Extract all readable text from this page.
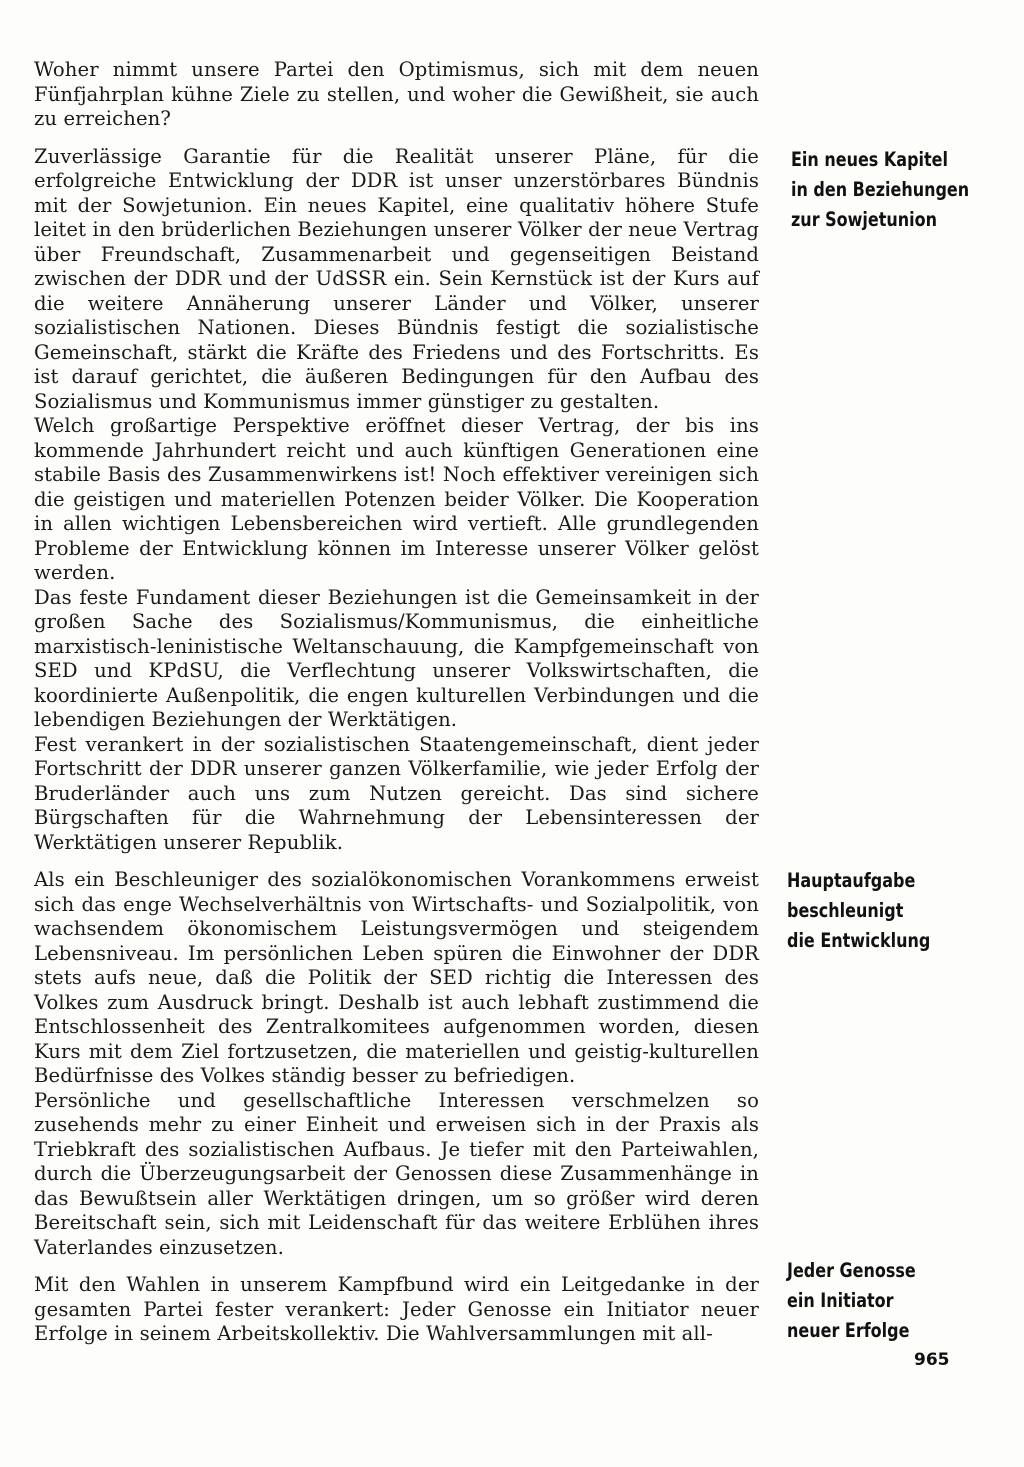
Woher nimmt unsere Partei den Optimismus, sich mit dem neuen Fünfjahrplan kühne Ziele zu stellen, und woher die Gewißheit, sie auch zu erreichen?

Zuverlässige Garantie für die Realität unserer Pläne, für die erfolgreiche Entwicklung der DDR ist unser unzerstörbares Bündnis mit der Sowjetunion. Ein neues Kapitel, eine qualitativ höhere Stufe leitet in den brüderlichen Beziehungen unserer Völker der neue Vertrag über Freundschaft, Zusammenarbeit und gegenseitigen Beistand zwischen der DDR und der UdSSR ein. Sein Kernstück ist der Kurs auf die weitere Annäherung unserer Länder und Völker, unserer sozialistischen Nationen. Dieses Bündnis festigt die sozialistische Gemeinschaft, stärkt die Kräfte des Friedens und des Fortschritts. Es ist darauf gerichtet, die äußeren Bedingungen für den Aufbau des Sozialismus und Kommunismus immer günstiger zu gestalten.

Welch großartige Perspektive eröffnet dieser Vertrag, der bis ins kommende Jahrhundert reicht und auch künftigen Generationen eine stabile Basis des Zusammenwirkens ist! Noch effektiver vereinigen sich die geistigen und materiellen Potenzen beider Völker. Die Kooperation in allen wichtigen Lebensbereichen wird vertieft. Alle grundlegenden Probleme der Entwicklung können im Interesse unserer Völker gelöst werden.

Das feste Fundament dieser Beziehungen ist die Gemeinsamkeit in der großen Sache des Sozialismus/Kommunismus, die einheitliche marxistisch-leninistische Weltanschauung, die Kampfgemeinschaft von SED und KPdSU, die Verflechtung unserer Volkswirtschaften, die koordinierte Außenpolitik, die engen kulturellen Verbindungen und die lebendigen Beziehungen der Werktätigen.

Fest verankert in der sozialistischen Staatengemeinschaft, dient jeder Fortschritt der DDR unserer ganzen Völkerfamilie, wie jeder Erfolg der Bruderländer auch uns zum Nutzen gereicht. Das sind sichere Bürgschaften für die Wahrnehmung der Lebensinteressen der Werktätigen unserer Republik.

Als ein Beschleuniger des sozialökonomischen Vorankommens erweist sich das enge Wechselverhältnis von Wirtschafts- und Sozialpolitik, von wachsendem ökonomischem Leistungsvermögen und steigendem Lebensniveau. Im persönlichen Leben spüren die Einwohner der DDR stets aufs neue, daß die Politik der SED richtig die Interessen des Volkes zum Ausdruck bringt. Deshalb ist auch lebhaft zustimmend die Entschlossenheit des Zentralkomitees aufgenommen worden, diesen Kurs mit dem Ziel fortzusetzen, die materiellen und geistig-kulturellen Bedürfnisse des Volkes ständig besser zu befriedigen.

Persönliche und gesellschaftliche Interessen verschmelzen so zusehends mehr zu einer Einheit und erweisen sich in der Praxis als Triebkraft des sozialistischen Aufbaus. Je tiefer mit den Parteiwahlen, durch die Überzeugungsarbeit der Genossen diese Zusammenhänge in das Bewußtsein aller Werktätigen dringen, um so größer wird deren Bereitschaft sein, sich mit Leidenschaft für das weitere Erblühen ihres Vaterlandes einzusetzen.

Mit den Wahlen in unserem Kampfbund wird ein Leitgedanke in der gesamten Partei fester verankert: Jeder Genosse ein Initiator neuer Erfolge in seinem Arbeitskollektiv. Die Wahlversammlungen mit all-

Ein neues Kapitel
in den Beziehungen
zur Sowjetunion
Hauptaufgabe
beschleunigt
die Entwicklung
Jeder Genosse
ein Initiator
neuer Erfolge
965
